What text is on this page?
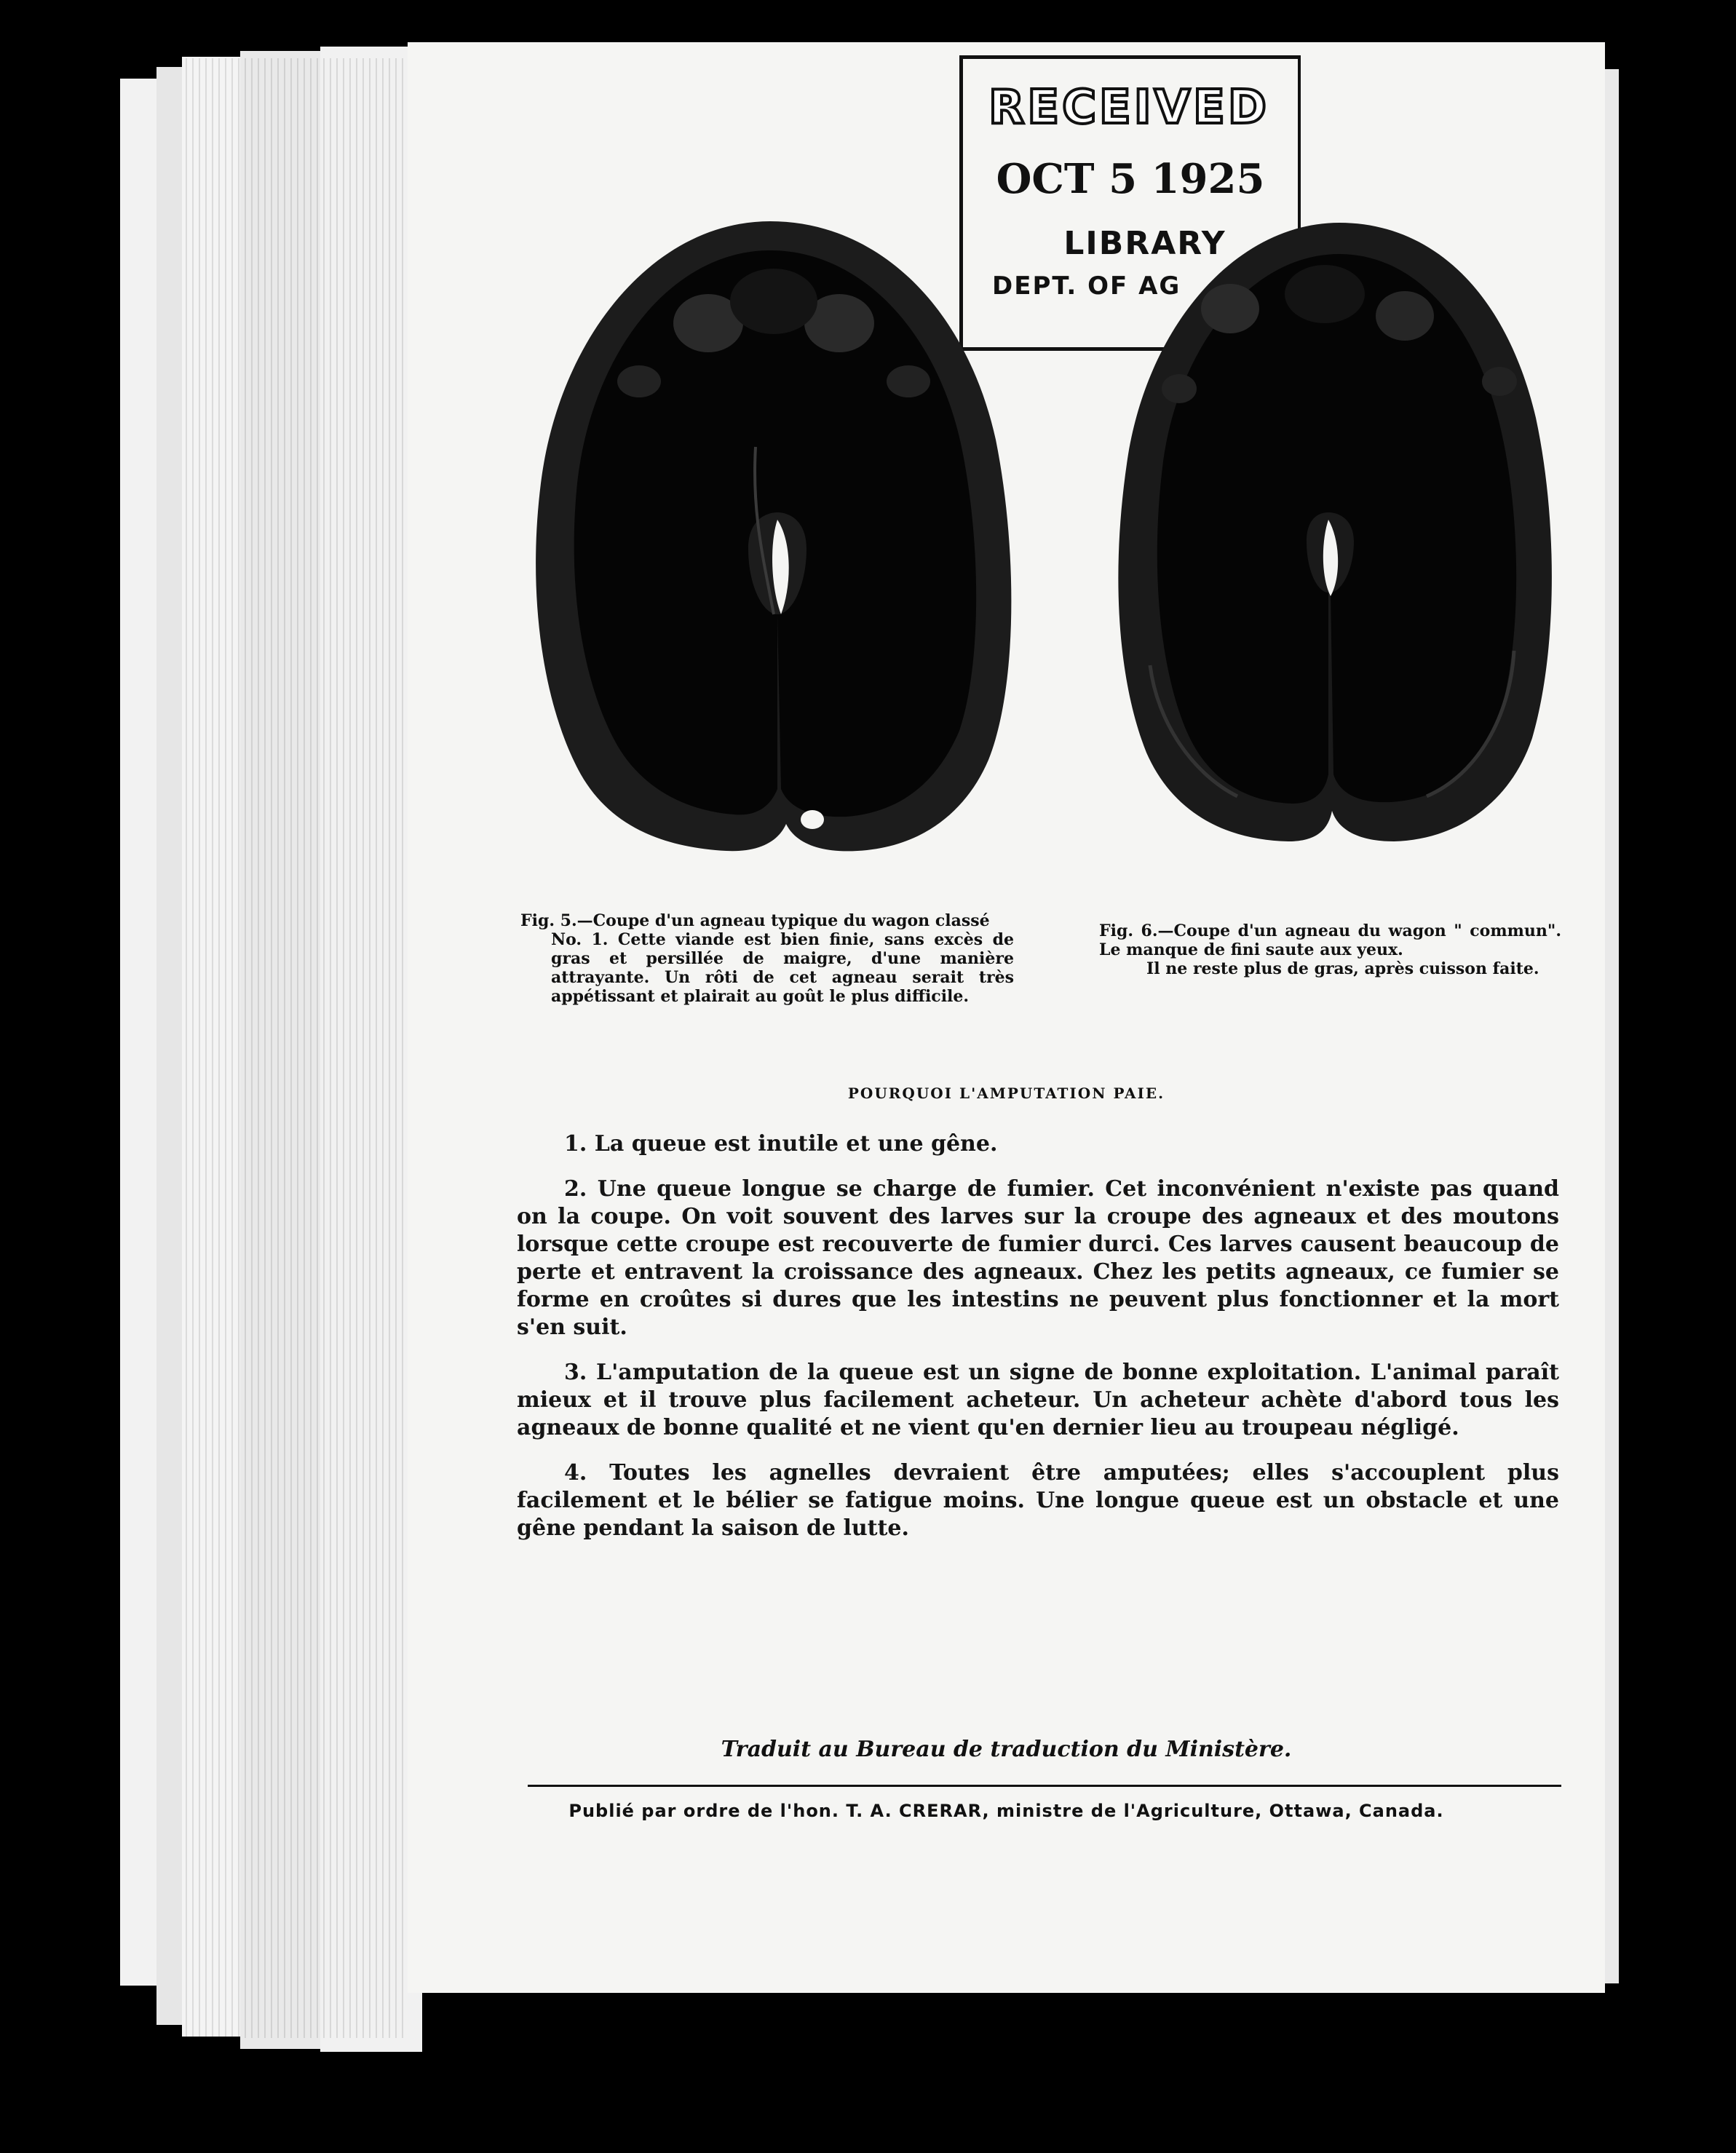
RECEIVED
OCT 5 1925
LIBRARY
DEPT. OF AG
Fig. 5.—Coupe d'un agneau typique du wagon classé
No. 1. Cette viande est bien finie, sans excès de gras et persillée de maigre, d'une manière attrayante. Un rôti de cet agneau serait très appétissant et plairait au goût le plus difficile.
Fig. 6.—Coupe d'un agneau du wagon " commun". Le manque de fini saute aux yeux.
Il ne reste plus de gras, après cuisson faite.
POURQUOI L'AMPUTATION PAIE.

1. La queue est inutile et une gêne.

2. Une queue longue se charge de fumier. Cet inconvénient n'existe pas quand on la coupe. On voit souvent des larves sur la croupe des agneaux et des moutons lorsque cette croupe est recouverte de fumier durci. Ces larves causent beaucoup de perte et entravent la croissance des agneaux. Chez les petits agneaux, ce fumier se forme en croûtes si dures que les intestins ne peuvent plus fonctionner et la mort s'en suit.

3. L'amputation de la queue est un signe de bonne exploitation. L'animal paraît mieux et il trouve plus facilement acheteur. Un acheteur achète d'abord tous les agneaux de bonne qualité et ne vient qu'en dernier lieu au troupeau négligé.

4. Toutes les agnelles devraient être amputées; elles s'accouplent plus facilement et le bélier se fatigue moins. Une longue queue est un obstacle et une gêne pendant la saison de lutte.

Traduit au Bureau de traduction du Ministère.
Publié par ordre de l'hon. T. A. CRERAR, ministre de l'Agriculture, Ottawa, Canada.
